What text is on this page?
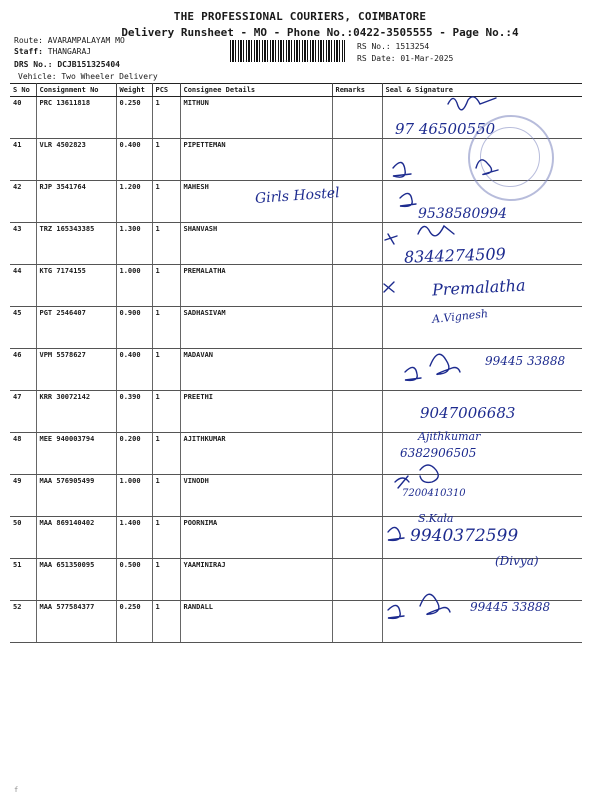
THE PROFESSIONAL COURIERS, COIMBATORE
Delivery Runsheet - MO - Phone No.:0422-3505555 - Page No.:4
Route: AVARAMPALAYAM MO
Staff: THANGARAJ
DRS No.: DCJB151325404
Vehicle: Two Wheeler Delivery
RS No.: 1513254
RS Date: 01-Mar-2025
S No	Consignment No	Weight	PCS	Consignee Details	Remarks	Seal & Signature
40	PRC 13611818	0.250	1	MITHUN		
41	VLR 4502823	0.400	1	PIPETTEMAN		
42	RJP 3541764	1.200	1	MAHESH		
43	TRZ 165343385	1.300	1	SHANVASH		
44	KTG 7174155	1.000	1	PREMALATHA		
45	PGT 2546407	0.900	1	SADHASIVAM		
46	VPM 5578627	0.400	1	MADAVAN		
47	KRR 30072142	0.390	1	PREETHI		
48	MEE 940003794	0.200	1	AJITHKUMAR		
49	MAA 576905499	1.000	1	VINODH		
50	MAA 869140402	1.400	1	POORNIMA		
51	MAA 651350095	0.500	1	YAAMINIRAJ		
52	MAA 577584377	0.250	1	RANDALL		
Girls Hostel
97 46500550
9538580994
8344274509
Premalatha
A.Vignesh
99445 33888
9047006683
Ajithkumar
6382906505
7200410310
S.Kala
9940372599
(Divya)
99445 33888
f
